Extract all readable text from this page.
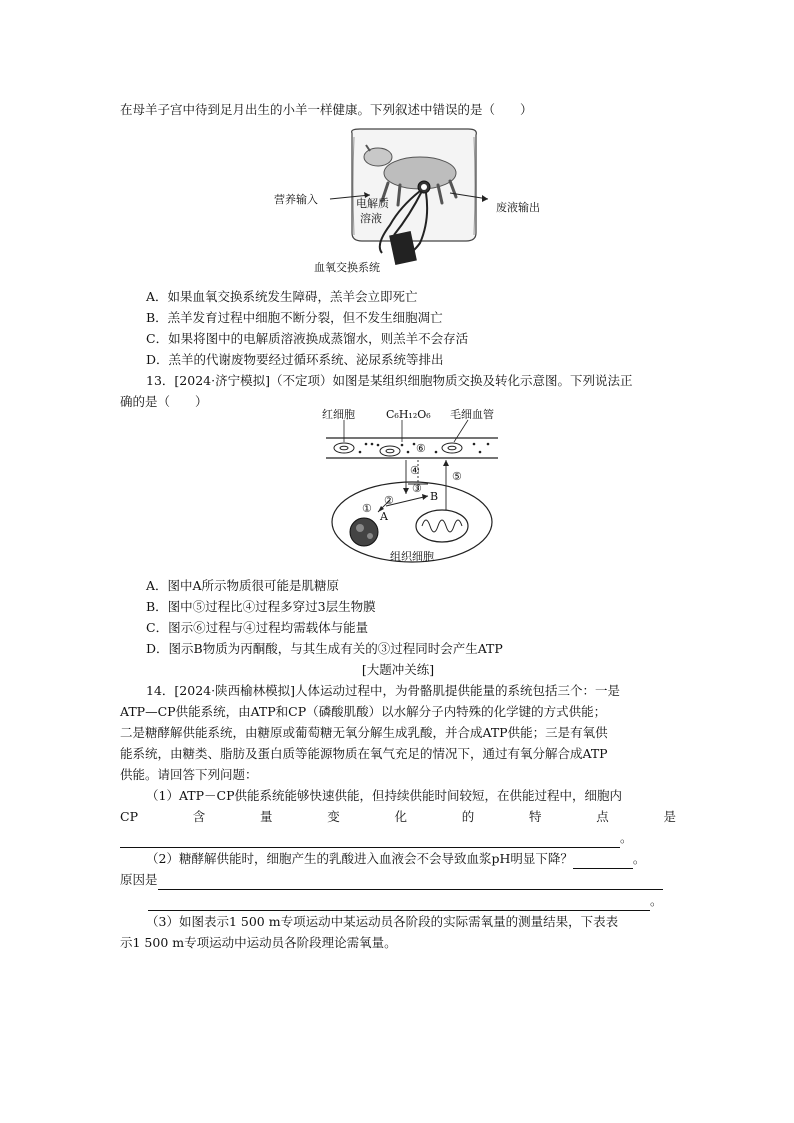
在母羊子宫中待到足月出生的小羊一样健康。下列叙述中错误的是（　　）
营养输入
废液输出
电解质
溶液
血氧交换系统
A．如果血氧交换系统发生障碍，羔羊会立即死亡
B．羔羊发育过程中细胞不断分裂，但不发生细胞凋亡
C．如果将图中的电解质溶液换成蒸馏水，则羔羊不会存活
D．羔羊的代谢废物要经过循环系统、泌尿系统等排出
13．[2024·济宁模拟]（不定项）如图是某组织细胞物质交换及转化示意图。下列说法正
确的是（　　）
红细胞	C₆H₁₂O₆ 毛细血管
⑥
④	⑤
③
②	B
①
A
组织细胞
A．图中A所示物质很可能是肌糖原
B．图中⑤过程比④过程多穿过3层生物膜
C．图示⑥过程与④过程均需载体与能量
D．图示B物质为丙酮酸，与其生成有关的③过程同时会产生ATP
[大题冲关练]
14．[2024·陕西榆林模拟]人体运动过程中，为骨骼肌提供能量的系统包括三个：一是
ATP—CP供能系统，由ATP和CP（磷酸肌酸）以水解分子内特殊的化学键的方式供能；
二是糖酵解供能系统，由糖原或葡萄糖无氧分解生成乳酸，并合成ATP供能；三是有氧供
能系统，由糖类、脂肪及蛋白质等能源物质在氧气充足的情况下，通过有氧分解合成ATP
供能。请回答下列问题：
（1）ATP－CP供能系统能够快速供能，但持续供能时间较短，在供能过程中，细胞内
CP	含	量	变	化	的	特	点	是
。
（2）糖酵解供能时，细胞产生的乳酸进入血液会不会导致血浆pH明显下降？	。
原因是
。
（3）如图表示1 500 m专项运动中某运动员各阶段的实际需氧量的测量结果，下表表
示1 500 m专项运动中运动员各阶段理论需氧量。
